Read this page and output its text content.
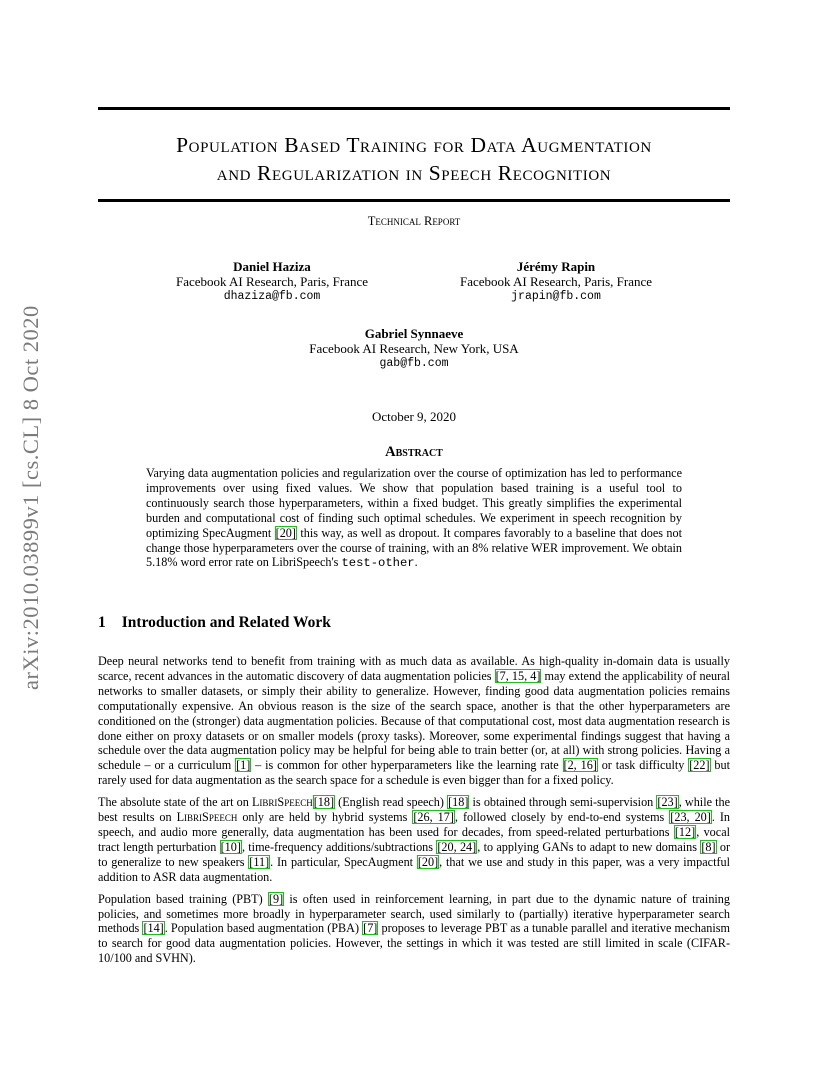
arXiv:2010.03899v1 [cs.CL] 8 Oct 2020
Population Based Training for Data Augmentation
and Regularization in Speech Recognition
Technical Report
Daniel Haziza
Facebook AI Research, Paris, France
dhaziza@fb.com
Jérémy Rapin
Facebook AI Research, Paris, France
jrapin@fb.com
Gabriel Synnaeve
Facebook AI Research, New York, USA
gab@fb.com
October 9, 2020
Abstract
Varying data augmentation policies and regularization over the course of optimization has led to performance improvements over using fixed values. We show that population based training is a useful tool to continuously search those hyperparameters, within a fixed budget. This greatly simplifies the experimental burden and computational cost of finding such optimal schedules. We experiment in speech recognition by optimizing SpecAugment [20] this way, as well as dropout. It compares favorably to a baseline that does not change those hyperparameters over the course of training, with an 8% relative WER improvement. We obtain 5.18% word error rate on LibriSpeech's test-other.
1 Introduction and Related Work

Deep neural networks tend to benefit from training with as much data as available. As high-quality in-domain data is usually scarce, recent advances in the automatic discovery of data augmentation policies [7, 15, 4] may extend the applicability of neural networks to smaller datasets, or simply their ability to generalize. However, finding good data augmentation policies remains computationally expensive. An obvious reason is the size of the search space, another is that the other hyperparameters are conditioned on the (stronger) data augmentation policies. Because of that computational cost, most data augmentation research is done either on proxy datasets or on smaller models (proxy tasks). Moreover, some experimental findings suggest that having a schedule over the data augmentation policy may be helpful for being able to train better (or, at all) with strong policies. Having a schedule – or a curriculum [1] – is common for other hyperparameters like the learning rate [2, 16] or task difficulty [22] but rarely used for data augmentation as the search space for a schedule is even bigger than for a fixed policy.

The absolute state of the art on LibriSpeech[18] (English read speech) [18] is obtained through semi-supervision [23], while the best results on LibriSpeech only are held by hybrid systems [26, 17], followed closely by end-to-end systems [23, 20]. In speech, and audio more generally, data augmentation has been used for decades, from speed-related perturbations [12], vocal tract length perturbation [10], time-frequency additions/subtractions [20, 24], to applying GANs to adapt to new domains [8] or to generalize to new speakers [11]. In particular, SpecAugment [20], that we use and study in this paper, was a very impactful addition to ASR data augmentation.

Population based training (PBT) [9] is often used in reinforcement learning, in part due to the dynamic nature of training policies, and sometimes more broadly in hyperparameter search, used similarly to (partially) iterative hyperparameter search methods [14]. Population based augmentation (PBA) [7] proposes to leverage PBT as a tunable parallel and iterative mechanism to search for good data augmentation policies. However, the settings in which it was tested are still limited in scale (CIFAR-10/100 and SVHN).
